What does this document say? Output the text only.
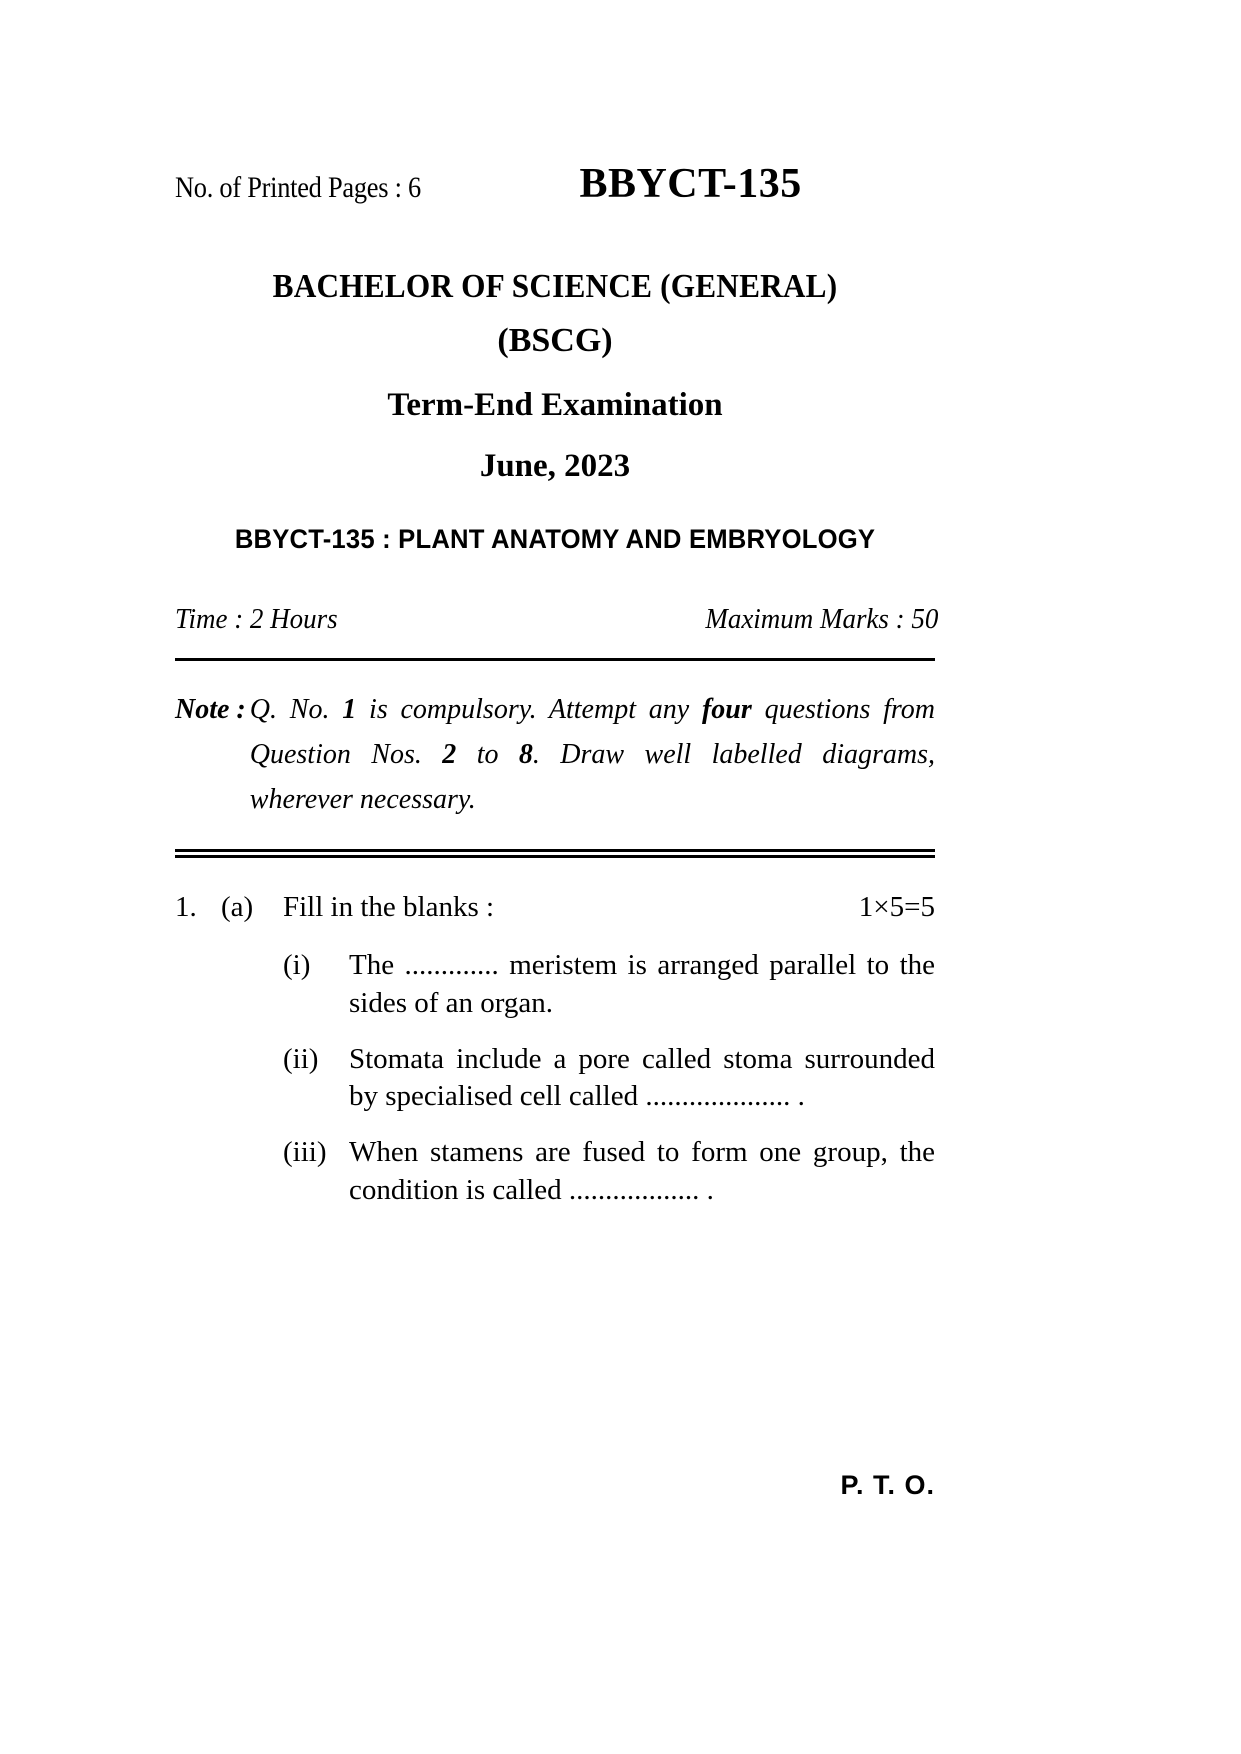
No. of Printed Pages : 6	BBYCT-135
BACHELOR OF SCIENCE (GENERAL)
(BSCG)
Term-End Examination
June, 2023
BBYCT-135 : PLANT ANATOMY AND EMBRYOLOGY
Time : 2 Hours	Maximum Marks : 50
Note : Q. No. 1 is compulsory. Attempt any four questions from Question Nos. 2 to 8. Draw well labelled diagrams, wherever necessary.
1. (a)	Fill in the blanks :	1×5=5
(i)	The ............. meristem is arranged parallel to the sides of an organ.
(ii)	Stomata include a pore called stoma surrounded by specialised cell called .................... .
(iii) When stamens are fused to form one group, the condition is called .................. .
P. T. O.
